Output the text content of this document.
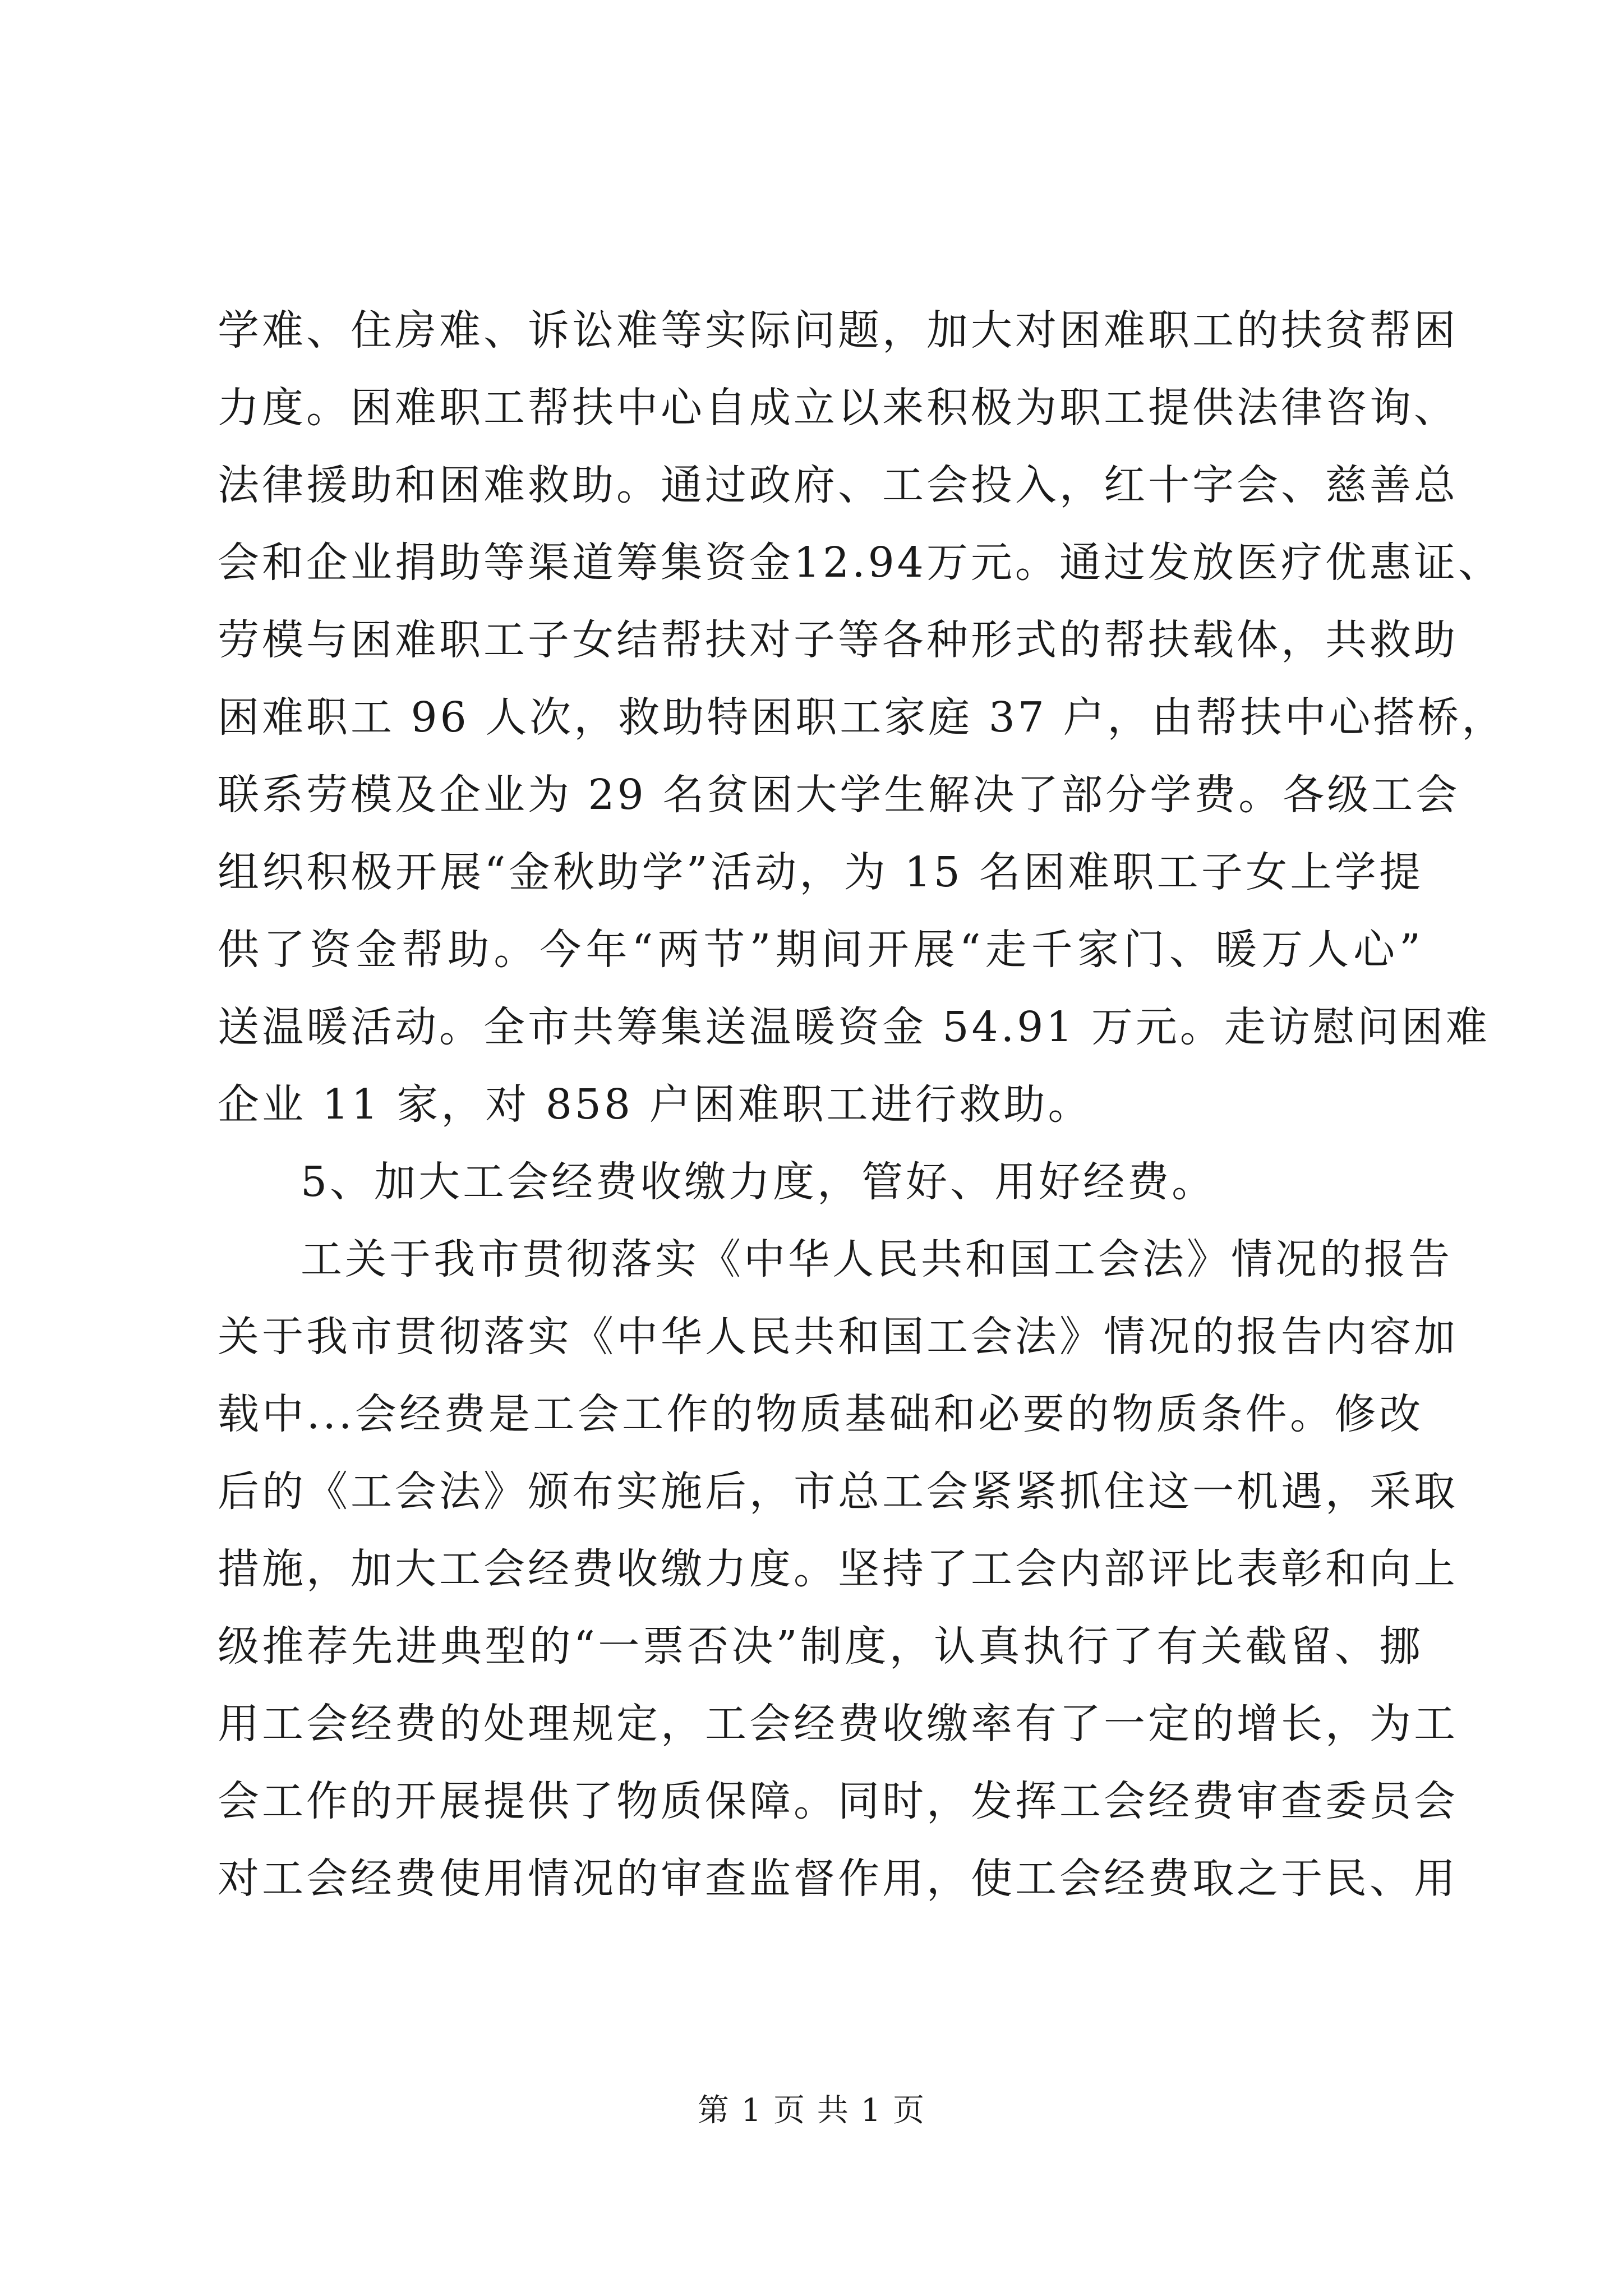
学难、住房难、诉讼难等实际问题，加大对困难职工的扶贫帮困
力度。困难职工帮扶中心自成立以来积极为职工提供法律咨询、
法律援助和困难救助。通过政府、工会投入，红十字会、慈善总
会和企业捐助等渠道筹集资金12.94万元。通过发放医疗优惠证、
劳模与困难职工子女结帮扶对子等各种形式的帮扶载体，共救助
困难职工 96 人次，救助特困职工家庭 37 户，由帮扶中心搭桥，
联系劳模及企业为 29 名贫困大学生解决了部分学费。各级工会
组织积极开展“金秋助学”活动，为 15 名困难职工子女上学提
供了资金帮助。今年“两节”期间开展“走千家门、暖万人心”
送温暖活动。全市共筹集送温暖资金 54.91 万元。走访慰问困难
企业 11 家，对 858 户困难职工进行救助。
5、加大工会经费收缴力度，管好、用好经费。
工关于我市贯彻落实《中华人民共和国工会法》情况的报告
关于我市贯彻落实《中华人民共和国工会法》情况的报告内容加
载中...会经费是工会工作的物质基础和必要的物质条件。修改
后的《工会法》颁布实施后，市总工会紧紧抓住这一机遇，采取
措施，加大工会经费收缴力度。坚持了工会内部评比表彰和向上
级推荐先进典型的“一票否决”制度，认真执行了有关截留、挪
用工会经费的处理规定，工会经费收缴率有了一定的增长，为工
会工作的开展提供了物质保障。同时，发挥工会经费审查委员会
对工会经费使用情况的审查监督作用，使工会经费取之于民、用
第 1 页 共 1 页
